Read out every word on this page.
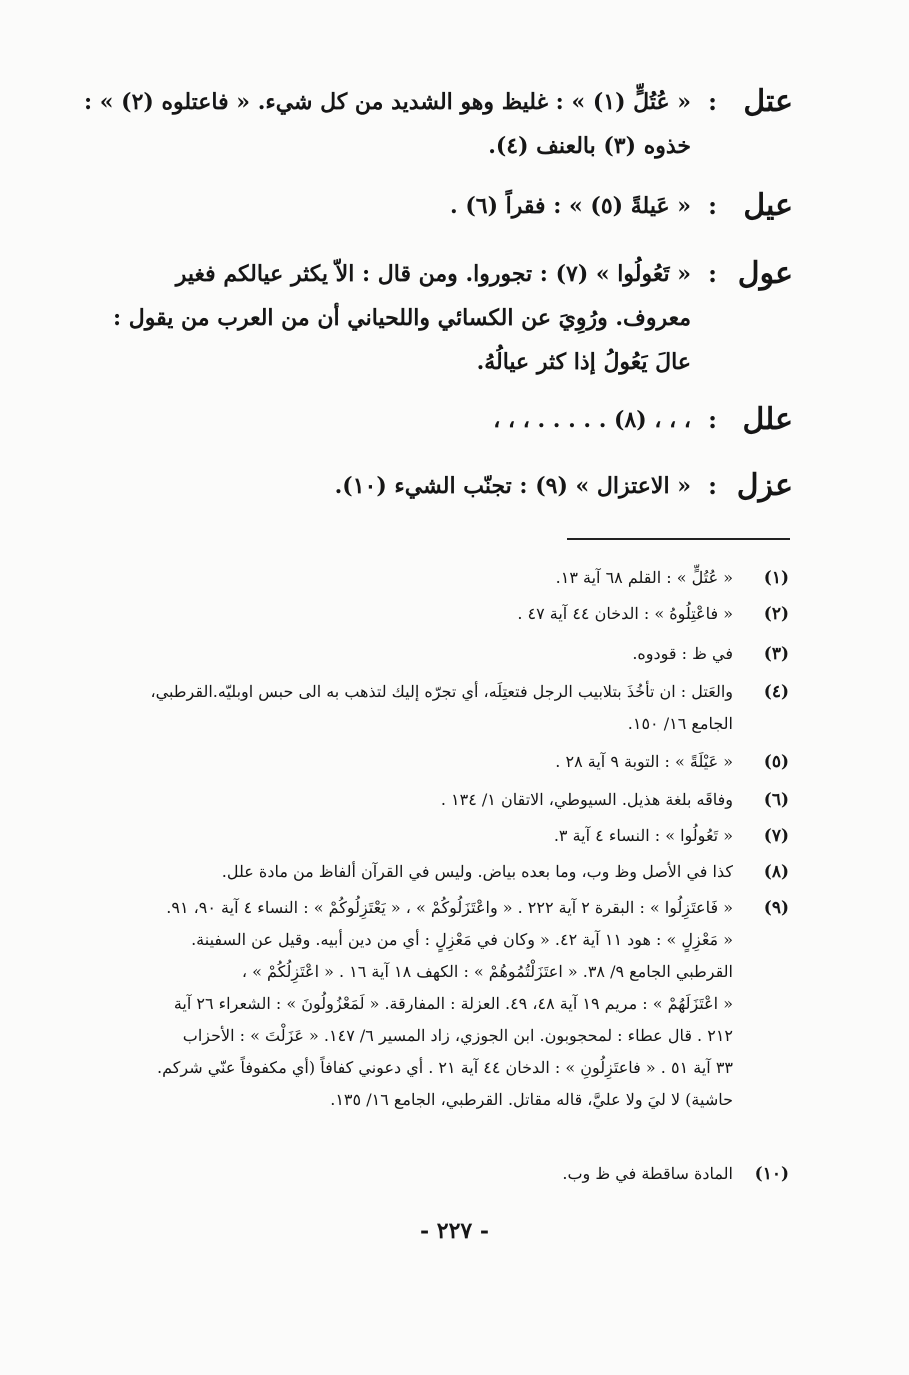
عتل
:
« عُتُلٍّ (١) » : غليظ وهو الشديد من كل شيء. « فاعتلوه (٢) » :
خذوه (٣) بالعنف (٤).
عيل
:
« عَيلةً (٥) » : فقراً (٦) .
عول
:
« تَعُولُوا » (٧) : تجوروا. ومن قال : الاّ يكثر عيالكم فغير
معروف. ورُوِيَ عن الكسائي واللحياني أن من العرب من يقول :
عالَ يَعُولُ إذا كثر عيالُهُ.
علل
:
، ، ، (٨) . . . . . ، ، ،
عزل
:
« الاعتزال » (٩) : تجنّب الشيء (١٠).
(١)
« عُتُلٍّ » : القلم ٦٨ آية ١٣.
(٢)
« فاعْتِلُوهُ » : الدخان ٤٤ آية ٤٧ .
(٣)
في ظ : قودوه.
(٤)
والعَتل : ان تأخُذَ بتلابيب الرجل فتعتِلَه، أي تجرّه إليك لتذهب به الى حبس اوبليّه.القرطبي،
الجامع ١٦/ ١٥٠.
(٥)
« عَيْلَةً » : التوبة ٩ آية ٢٨ .
(٦)
وفاقَه بلغة هذيل. السيوطي، الاتقان ١/ ١٣٤ .
(٧)
« تَعُولُوا » : النساء ٤ آية ٣.
(٨)
كذا في الأصل وظ وب، وما بعده بياض. وليس في القرآن ألفاظ من مادة علل.
(٩)
« فَاعتَزِلُوا » : البقرة ٢ آية ٢٢٢ . « واعْتَزَلُوكُمْ » ، « يَعْتَزِلُوكُمْ » : النساء ٤ آية ٩٠، ٩١.
« مَعْزِلٍ » : هود ١١ آية ٤٢. « وكان في مَعْزِلٍ : أي من دين أبيه. وقيل عن السفينة.
القرطبي الجامع ٩/ ٣٨. « اعتَزَلْتُمُوهُمْ » : الكهف ١٨ آية ١٦ . « اعْتَزِلُكُمْ » ،
« اعْتَزَلَهُمْ » : مريم ١٩ آية ٤٨، ٤٩. العزلة : المفارقة. « لَمَعْزُولُونَ » : الشعراء ٢٦ آية
٢١٢ . قال عطاء : لمحجوبون. ابن الجوزي، زاد المسير ٦/ ١٤٧. « عَزَلْتَ » : الأحزاب
٣٣ آية ٥١ . « فاعتَزِلُونِ » : الدخان ٤٤ آية ٢١ . أي دعوني كفافاً (أي مكفوفاً عنّي شركم.
حاشية) لا ليَ ولا عليَّ، قاله مقاتل. القرطبي، الجامع ١٦/ ١٣٥.
(١٠)
المادة ساقطة في ظ وب.
- ٢٢٧ -
